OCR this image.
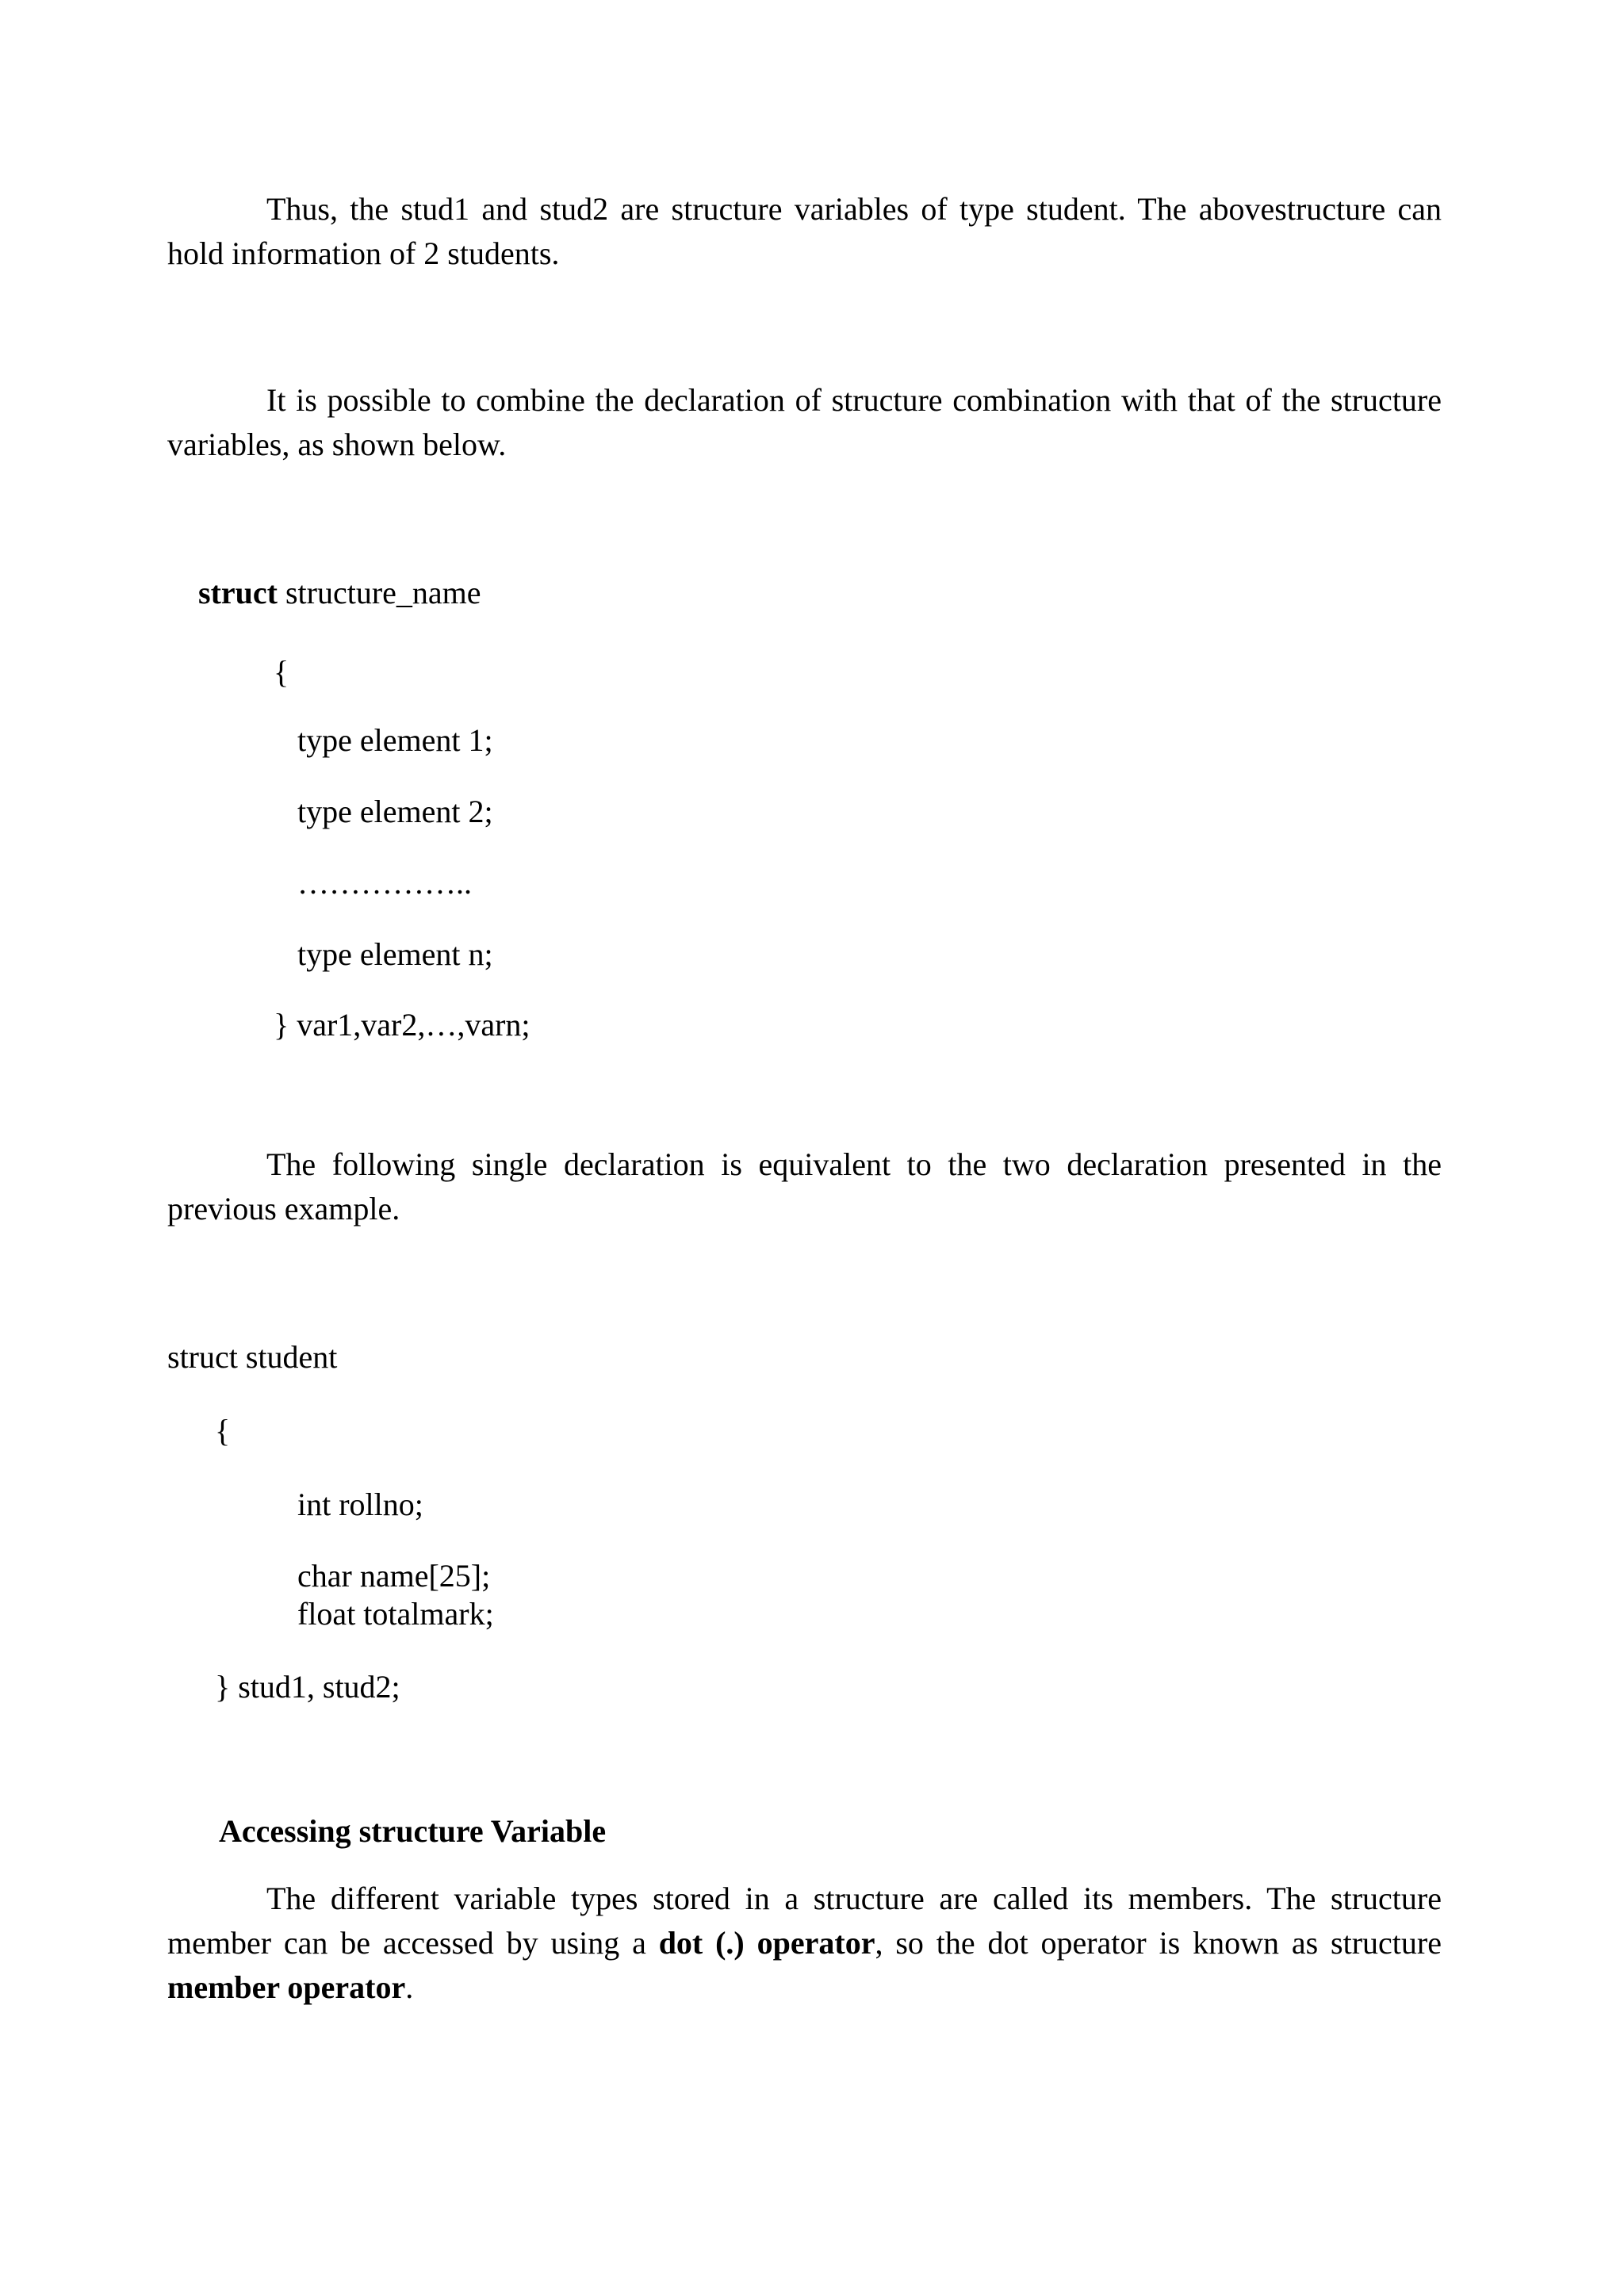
Thus, the stud1 and stud2 are structure variables of type student. The abovestructure can hold information of 2 students.

It is possible to combine the declaration of structure combination with that of the structure variables, as shown below.

struct structure_name
{
type element 1;
type element 2;
……………..
type element n;
} var1,var2,…,varn;

The following single declaration is equivalent to the two declaration presented in the previous example.

struct student
{
int rollno;
char name[25];
float totalmark;
} stud1, stud2;
Accessing structure Variable

The different variable types stored in a structure are called its members. The structure member can be accessed by using a dot (.) operator, so the dot operator is known as structure member operator.
